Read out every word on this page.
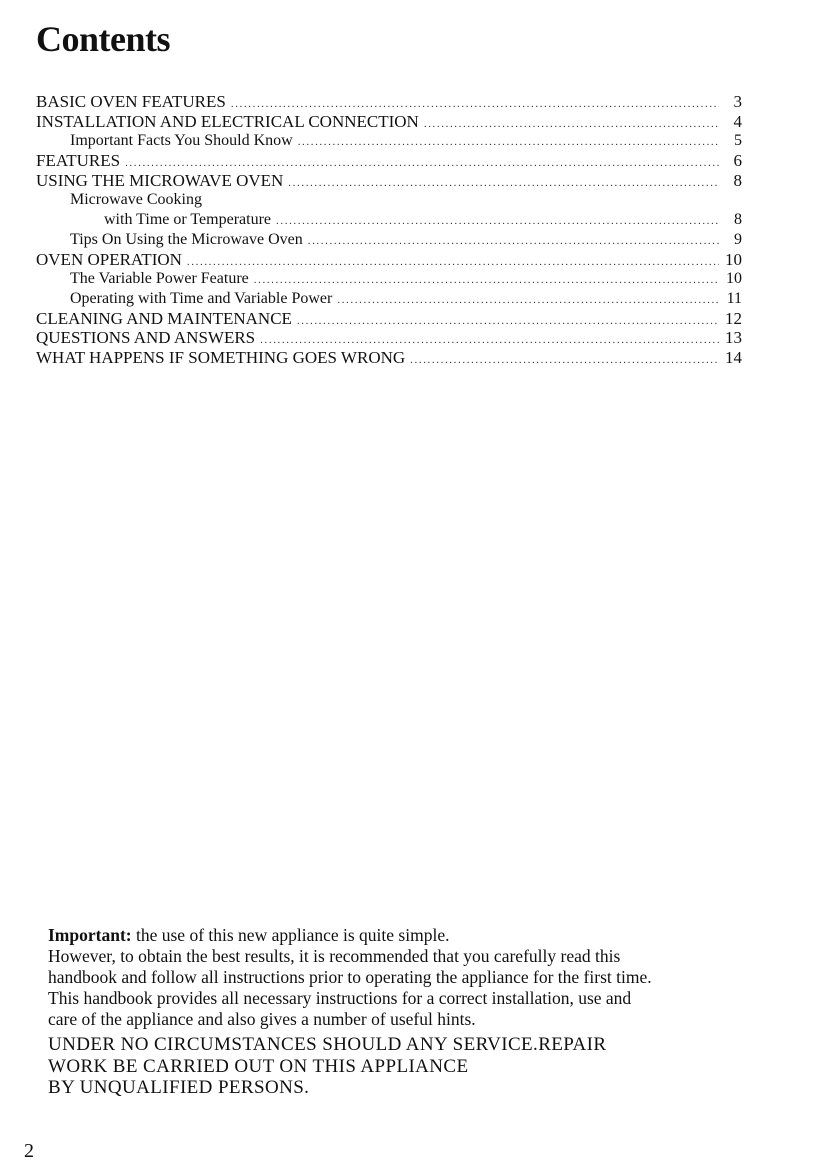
Contents
BASIC OVEN FEATURES .....	3
INSTALLATION AND ELECTRICAL CONNECTION .....	4
Important Facts You Should Know .....	5
FEATURES .....	6
USING THE MICROWAVE OVEN .....	8
Microwave Cooking
with Time or Temperature .....	8
Tips On Using the Microwave Oven .....	9
OVEN OPERATION .....	10
The Variable Power Feature .....	10
Operating with Time and Variable Power .....	11
CLEANING AND MAINTENANCE .....	12
QUESTIONS AND ANSWERS .....	13
WHAT HAPPENS IF SOMETHING GOES WRONG .....	14

Important: the use of this new appliance is quite simple.

However, to obtain the best results, it is recommended that you carefully read this

handbook and follow all instructions prior to operating the appliance for the first time.

This handbook provides all necessary instructions for a correct installation, use and

care of the appliance and also gives a number of useful hints.

UNDER NO CIRCUMSTANCES SHOULD ANY SERVICE.REPAIR

WORK BE CARRIED OUT ON THIS APPLIANCE

BY UNQUALIFIED PERSONS.

2
